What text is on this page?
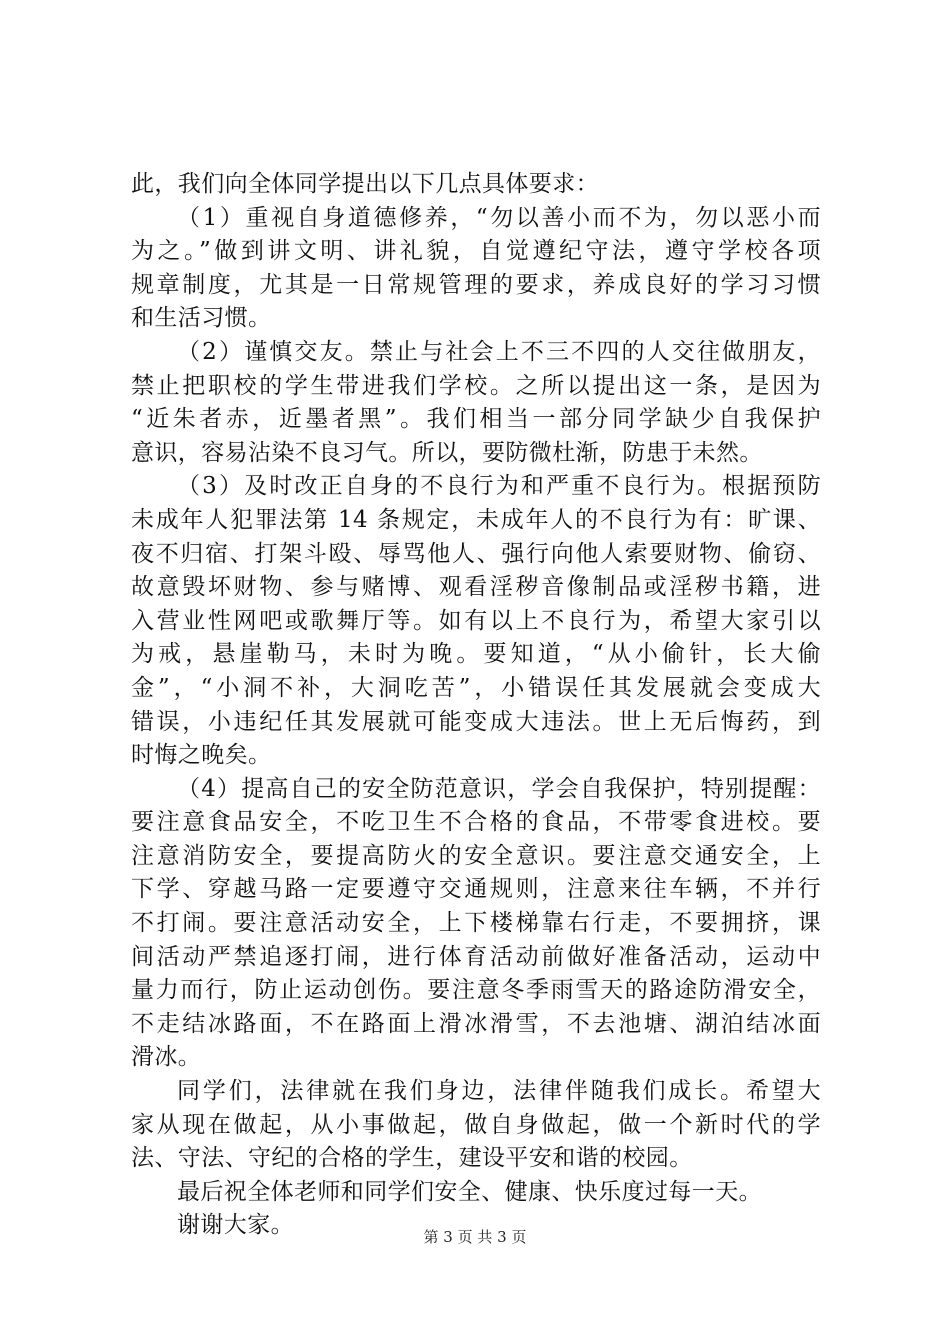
此，我们向全体同学提出以下几点具体要求：
（1）重视自身道德修养，“勿以善小而不为，勿以恶小而
为之。”做到讲文明、讲礼貌，自觉遵纪守法，遵守学校各项
规章制度，尤其是一日常规管理的要求，养成良好的学习习惯
和生活习惯。
（2）谨慎交友。禁止与社会上不三不四的人交往做朋友，
禁止把职校的学生带进我们学校。之所以提出这一条，是因为
“近朱者赤，近墨者黑”。我们相当一部分同学缺少自我保护
意识，容易沾染不良习气。所以，要防微杜渐，防患于未然。
（3）及时改正自身的不良行为和严重不良行为。根据预防
未成年人犯罪法第 14 条规定，未成年人的不良行为有：旷课、
夜不归宿、打架斗殴、辱骂他人、强行向他人索要财物、偷窃、
故意毁坏财物、参与赌博、观看淫秽音像制品或淫秽书籍，进
入营业性网吧或歌舞厅等。如有以上不良行为，希望大家引以
为戒，悬崖勒马，未时为晚。要知道，“从小偷针，长大偷
金”，“小洞不补，大洞吃苦”，小错误任其发展就会变成大
错误，小违纪任其发展就可能变成大违法。世上无后悔药，到
时悔之晚矣。
（4）提高自己的安全防范意识，学会自我保护，特别提醒：
要注意食品安全，不吃卫生不合格的食品，不带零食进校。要
注意消防安全，要提高防火的安全意识。要注意交通安全，上
下学、穿越马路一定要遵守交通规则，注意来往车辆，不并行
不打闹。要注意活动安全，上下楼梯靠右行走，不要拥挤，课
间活动严禁追逐打闹，进行体育活动前做好准备活动，运动中
量力而行，防止运动创伤。要注意冬季雨雪天的路途防滑安全，
不走结冰路面，不在路面上滑冰滑雪，不去池塘、湖泊结冰面
滑冰。
同学们，法律就在我们身边，法律伴随我们成长。希望大
家从现在做起，从小事做起，做自身做起，做一个新时代的学
法、守法、守纪的合格的学生，建设平安和谐的校园。
最后祝全体老师和同学们安全、健康、快乐度过每一天。
谢谢大家。	第 3 页 共 3 页
